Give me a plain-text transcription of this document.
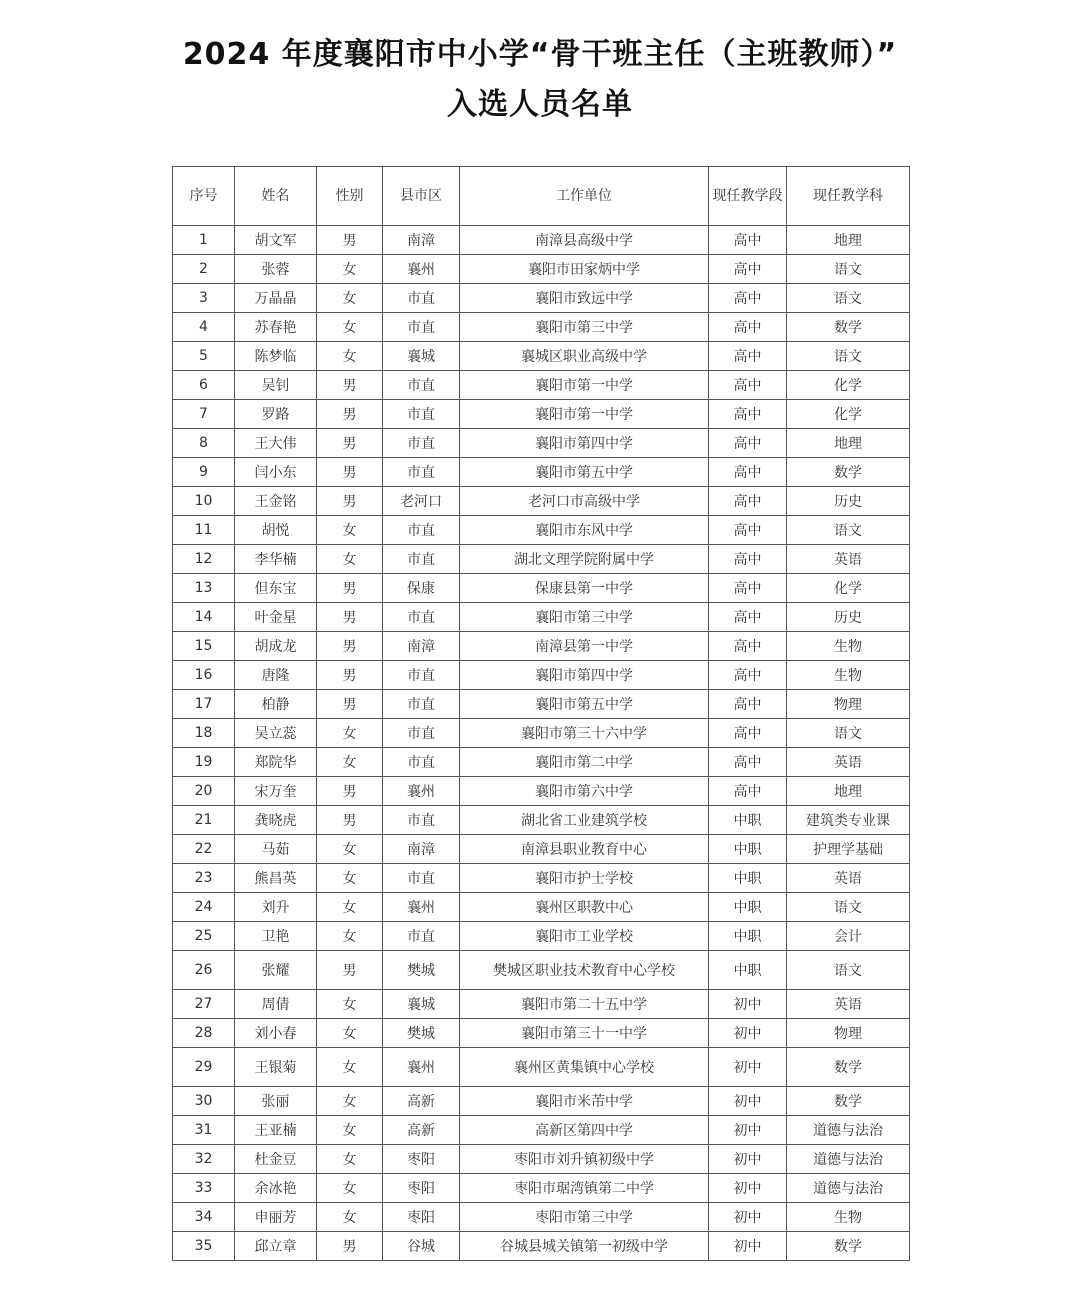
2024 年度襄阳市中小学“骨干班主任（主班教师）”
入选人员名单
序号	姓名	性别	县市区	工作单位	现任教学段	现任教学科
1	胡文军	男	南漳	南漳县高级中学	高中	地理
2	张蓉	女	襄州	襄阳市田家炳中学	高中	语文
3	万晶晶	女	市直	襄阳市致远中学	高中	语文
4	苏春艳	女	市直	襄阳市第三中学	高中	数学
5	陈梦临	女	襄城	襄城区职业高级中学	高中	语文
6	吴钊	男	市直	襄阳市第一中学	高中	化学
7	罗路	男	市直	襄阳市第一中学	高中	化学
8	王大伟	男	市直	襄阳市第四中学	高中	地理
9	闫小东	男	市直	襄阳市第五中学	高中	数学
10	王金铭	男	老河口	老河口市高级中学	高中	历史
11	胡悦	女	市直	襄阳市东风中学	高中	语文
12	李华楠	女	市直	湖北文理学院附属中学	高中	英语
13	但东宝	男	保康	保康县第一中学	高中	化学
14	叶金星	男	市直	襄阳市第三中学	高中	历史
15	胡成龙	男	南漳	南漳县第一中学	高中	生物
16	唐隆	男	市直	襄阳市第四中学	高中	生物
17	柏静	男	市直	襄阳市第五中学	高中	物理
18	吴立蕊	女	市直	襄阳市第三十六中学	高中	语文
19	郑院华	女	市直	襄阳市第二中学	高中	英语
20	宋万奎	男	襄州	襄阳市第六中学	高中	地理
21	龚晓虎	男	市直	湖北省工业建筑学校	中职	建筑类专业课
22	马茹	女	南漳	南漳县职业教育中心	中职	护理学基础
23	熊昌英	女	市直	襄阳市护士学校	中职	英语
24	刘升	女	襄州	襄州区职教中心	中职	语文
25	卫艳	女	市直	襄阳市工业学校	中职	会计
26	张耀	男	樊城	樊城区职业技术教育中心学校	中职	语文
27	周倩	女	襄城	襄阳市第二十五中学	初中	英语
28	刘小春	女	樊城	襄阳市第三十一中学	初中	物理
29	王银菊	女	襄州	襄州区黄集镇中心学校	初中	数学
30	张丽	女	高新	襄阳市米芾中学	初中	数学
31	王亚楠	女	高新	高新区第四中学	初中	道德与法治
32	杜金豆	女	枣阳	枣阳市刘升镇初级中学	初中	道德与法治
33	余冰艳	女	枣阳	枣阳市琚湾镇第二中学	初中	道德与法治
34	申丽芳	女	枣阳	枣阳市第三中学	初中	生物
35	邱立章	男	谷城	谷城县城关镇第一初级中学	初中	数学
